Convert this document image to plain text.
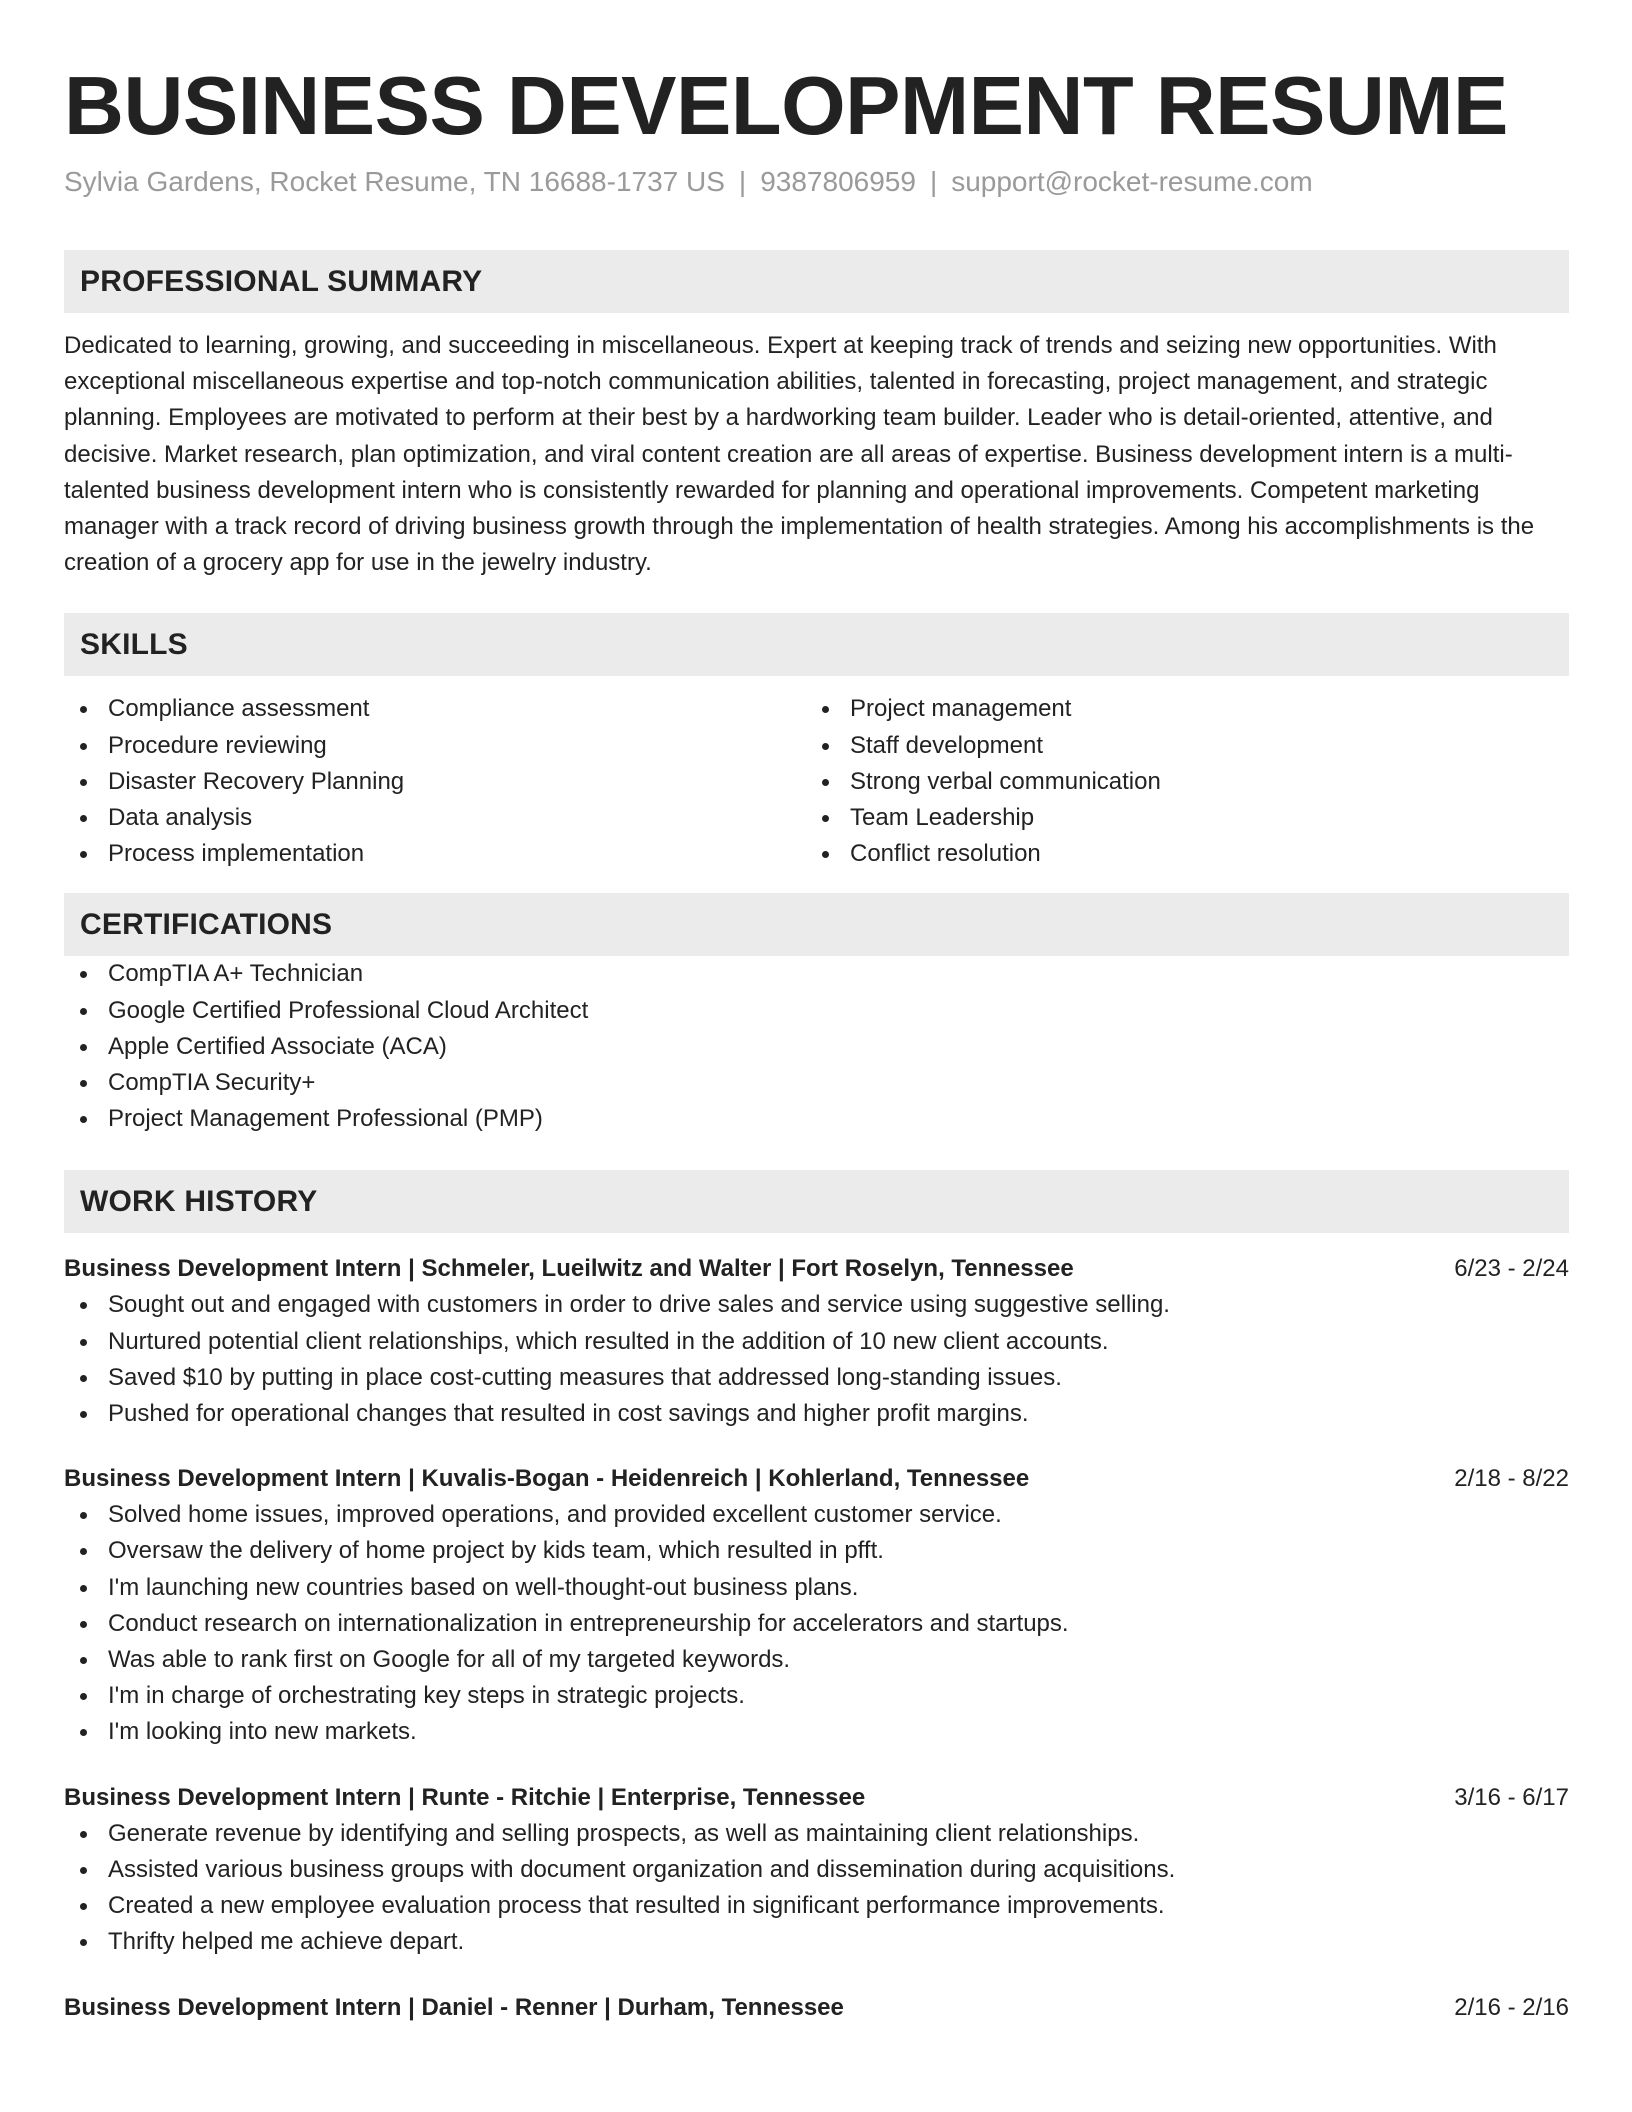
BUSINESS DEVELOPMENT RESUME
Sylvia Gardens, Rocket Resume, TN 16688-1737 US | 9387806959 | support@rocket-resume.com
PROFESSIONAL SUMMARY
Dedicated to learning, growing, and succeeding in miscellaneous. Expert at keeping track of trends and seizing new opportunities. With exceptional miscellaneous expertise and top-notch communication abilities, talented in forecasting, project management, and strategic planning. Employees are motivated to perform at their best by a hardworking team builder. Leader who is detail-oriented, attentive, and decisive. Market research, plan optimization, and viral content creation are all areas of expertise. Business development intern is a multi-talented business development intern who is consistently rewarded for planning and operational improvements. Competent marketing manager with a track record of driving business growth through the implementation of health strategies. Among his accomplishments is the creation of a grocery app for use in the jewelry industry.
SKILLS
Compliance assessment
Procedure reviewing
Disaster Recovery Planning
Data analysis
Process implementation
Project management
Staff development
Strong verbal communication
Team Leadership
Conflict resolution
CERTIFICATIONS
CompTIA A+ Technician
Google Certified Professional Cloud Architect
Apple Certified Associate (ACA)
CompTIA Security+
Project Management Professional (PMP)
WORK HISTORY
Business Development Intern | Schmeler, Lueilwitz and Walter | Fort Roselyn, Tennessee	6/23 - 2/24
Sought out and engaged with customers in order to drive sales and service using suggestive selling.
Nurtured potential client relationships, which resulted in the addition of 10 new client accounts.
Saved $10 by putting in place cost-cutting measures that addressed long-standing issues.
Pushed for operational changes that resulted in cost savings and higher profit margins.
Business Development Intern | Kuvalis-Bogan - Heidenreich | Kohlerland, Tennessee	2/18 - 8/22
Solved home issues, improved operations, and provided excellent customer service.
Oversaw the delivery of home project by kids team, which resulted in pfft.
I'm launching new countries based on well-thought-out business plans.
Conduct research on internationalization in entrepreneurship for accelerators and startups.
Was able to rank first on Google for all of my targeted keywords.
I'm in charge of orchestrating key steps in strategic projects.
I'm looking into new markets.
Business Development Intern | Runte - Ritchie | Enterprise, Tennessee	3/16 - 6/17
Generate revenue by identifying and selling prospects, as well as maintaining client relationships.
Assisted various business groups with document organization and dissemination during acquisitions.
Created a new employee evaluation process that resulted in significant performance improvements.
Thrifty helped me achieve depart.
Business Development Intern | Daniel - Renner | Durham, Tennessee	2/16 - 2/16
